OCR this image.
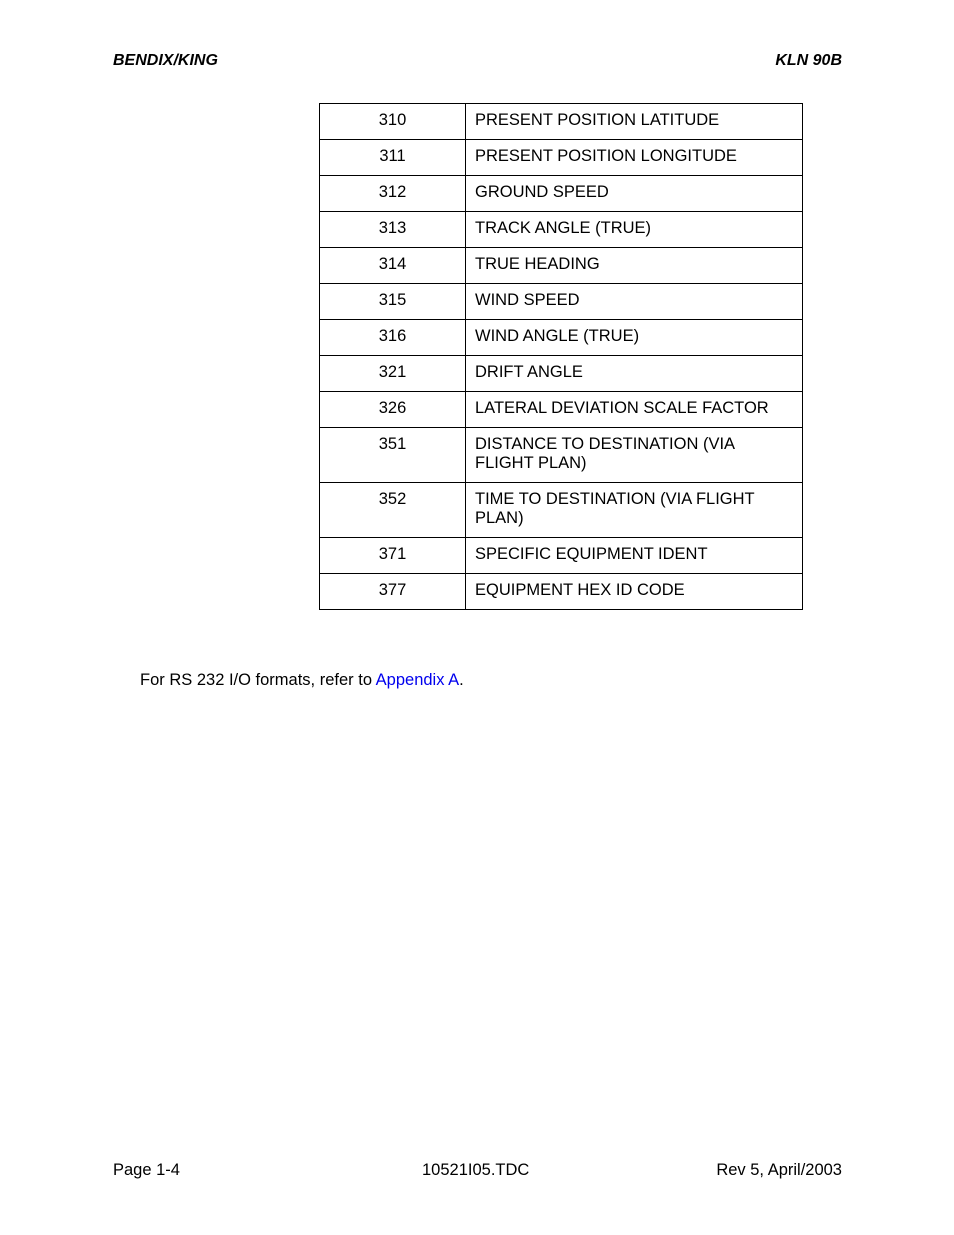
BENDIX/KING	KLN 90B
310	PRESENT POSITION LATITUDE
311	PRESENT POSITION LONGITUDE
312	GROUND SPEED
313	TRACK ANGLE (TRUE)
314	TRUE HEADING
315	WIND SPEED
316	WIND ANGLE (TRUE)
321	DRIFT ANGLE
326	LATERAL DEVIATION SCALE FACTOR
351	DISTANCE TO DESTINATION (VIA FLIGHT PLAN)
352	TIME TO DESTINATION (VIA FLIGHT PLAN)
371	SPECIFIC EQUIPMENT IDENT
377	EQUIPMENT HEX ID CODE
For RS 232 I/O formats, refer to Appendix A.
Page 1-4	10521I05.TDC	Rev 5, April/2003
